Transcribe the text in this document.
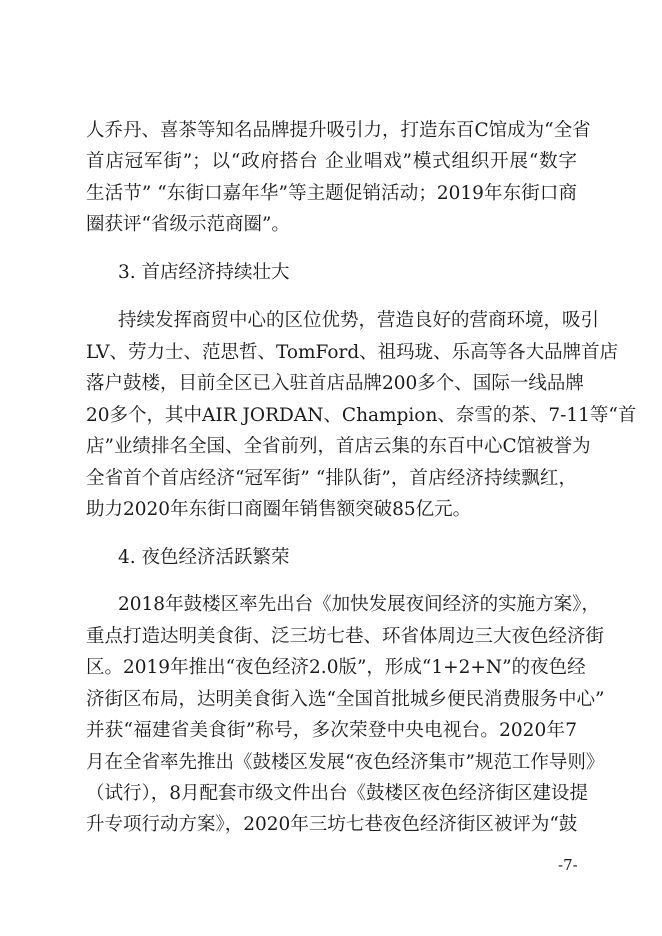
人乔丹、喜茶等知名品牌提升吸引力，打造东百C馆成为“全省
首店冠军街”；以“政府搭台 企业唱戏”模式组织开展“数字
生活节” “东街口嘉年华”等主题促销活动；2019年东街口商
圈获评“省级示范商圈”。
3. 首店经济持续壮大
持续发挥商贸中心的区位优势，营造良好的营商环境，吸引
LV、劳力士、范思哲、TomFord、祖玛珑、乐高等各大品牌首店
落户鼓楼，目前全区已入驻首店品牌200多个、国际一线品牌
20多个，其中AIR JORDAN、Champion、奈雪的茶、7-11等“首
店”业绩排名全国、全省前列，首店云集的东百中心C馆被誉为
全省首个首店经济“冠军街” “排队街”，首店经济持续飘红，
助力2020年东街口商圈年销售额突破85亿元。
4. 夜色经济活跃繁荣
2018年鼓楼区率先出台《加快发展夜间经济的实施方案》，
重点打造达明美食街、泛三坊七巷、环省体周边三大夜色经济街
区。2019年推出“夜色经济2.0版”，形成“1+2+N”的夜色经
济街区布局，达明美食街入选“全国首批城乡便民消费服务中心”
并获“福建省美食街”称号，多次荣登中央电视台。2020年7
月在全省率先推出《鼓楼区发展“夜色经济集市”规范工作导则》
（试行），8月配套市级文件出台《鼓楼区夜色经济街区建设提
升专项行动方案》，2020年三坊七巷夜色经济街区被评为“鼓
-7-
